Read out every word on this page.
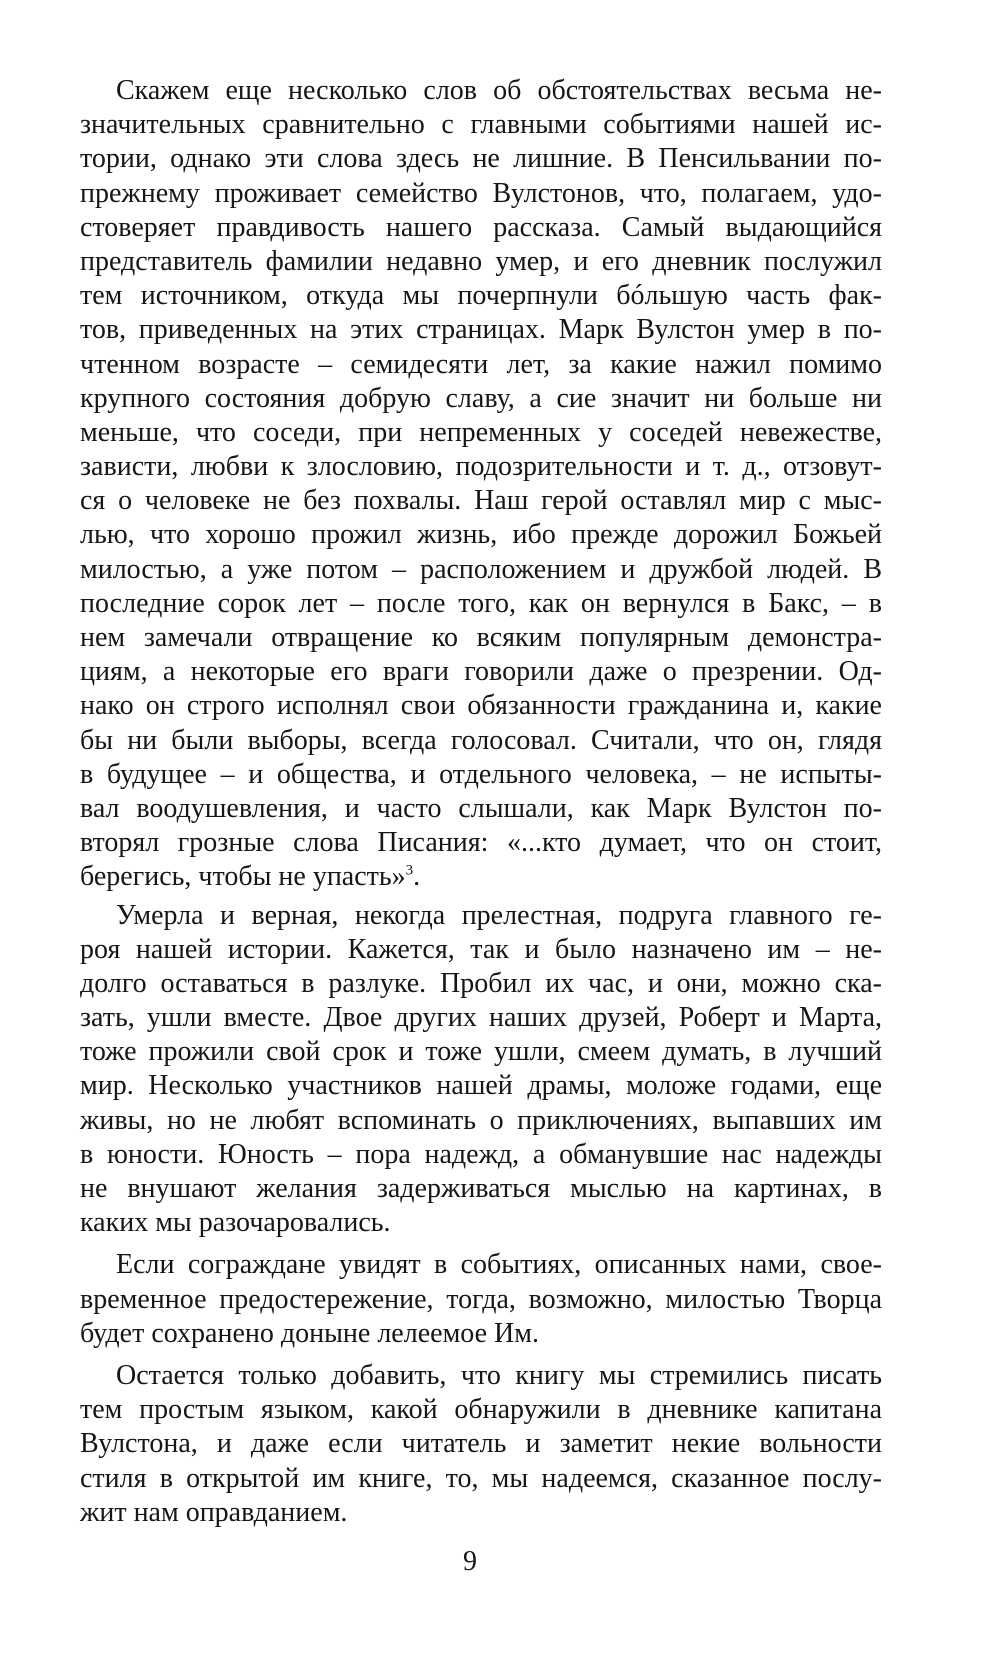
Скажем еще несколько слов об обстоятельствах весьма не-
значительных сравнительно с главными событиями нашей ис-
тории, однако эти слова здесь не лишние. В Пенсильвании по-
прежнему проживает семейство Вулстонов, что, полагаем, удо-
стоверяет правдивость нашего рассказа. Самый выдающийся
представитель фамилии недавно умер, и его дневник послужил
тем источником, откуда мы почерпнули бóльшую часть фак-
тов, приведенных на этих страницах. Марк Вулстон умер в по-
чтенном возрасте – семидесяти лет, за какие нажил помимо
крупного состояния добрую славу, а сие значит ни больше ни
меньше, что соседи, при непременных у соседей невежестве,
зависти, любви к злословию, подозрительности и т. д., отзовут-
ся о человеке не без похвалы. Наш герой оставлял мир с мыс-
лью, что хорошо прожил жизнь, ибо прежде дорожил Божьей
милостью, а уже потом – расположением и дружбой людей. В
последние сорок лет – после того, как он вернулся в Бакс, – в
нем замечали отвращение ко всяким популярным демонстра-
циям, а некоторые его враги говорили даже о презрении. Од-
нако он строго исполнял свои обязанности гражданина и, какие
бы ни были выборы, всегда голосовал. Считали, что он, глядя
в будущее – и общества, и отдельного человека, – не испыты-
вал воодушевления, и часто слышали, как Марк Вулстон по-
вторял грозные слова Писания: «...кто думает, что он стоит,
берегись, чтобы не упасть»$^3$.
Умерла и верная, некогда прелестная, подруга главного ге-
роя нашей истории. Кажется, так и было назначено им – не-
долго оставаться в разлуке. Пробил их час, и они, можно ска-
зать, ушли вместе. Двое других наших друзей, Роберт и Марта,
тоже прожили свой срок и тоже ушли, смеем думать, в лучший
мир. Несколько участников нашей драмы, моложе годами, еще
живы, но не любят вспоминать о приключениях, выпавших им
в юности. Юность – пора надежд, а обманувшие нас надежды
не внушают желания задерживаться мыслью на картинах, в
каких мы разочаровались.
Если сограждане увидят в событиях, описанных нами, свое-
временное предостережение, тогда, возможно, милостью Творца
будет сохранено доныне лелеемое Им.
Остается только добавить, что книгу мы стремились писать
тем простым языком, какой обнаружили в дневнике капитана
Вулстона, и даже если читатель и заметит некие вольности
стиля в открытой им книге, то, мы надеемся, сказанное послу-
жит нам оправданием.
9
